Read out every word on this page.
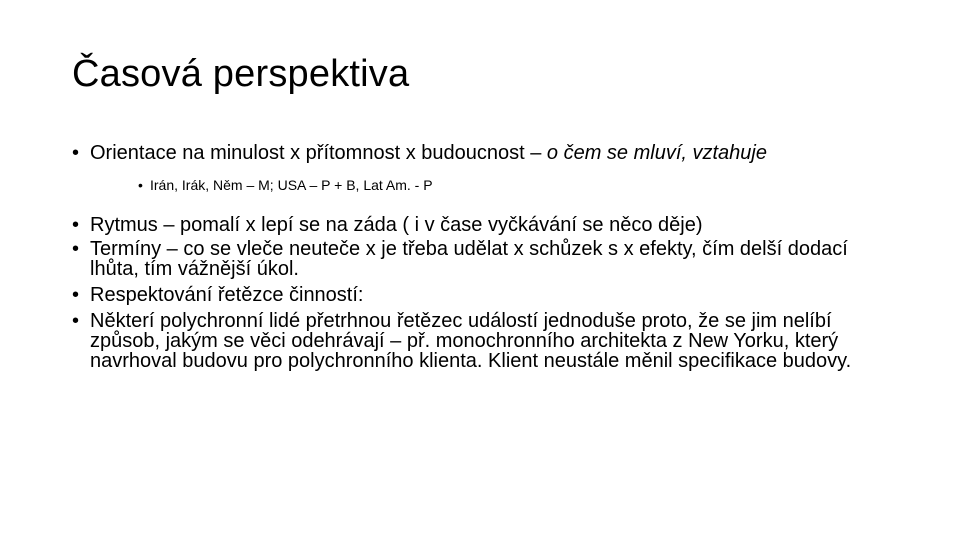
Časová perspektiva

• Orientace na minulost x přítomnost x budoucnost – o čem se mluví, vztahuje

• Irán, Irák, Něm – M; USA – P + B, Lat Am. - P

• Rytmus – pomalí x lepí se na záda ( i v čase vyčkávání se něco děje)

• Termíny – co se vleče neuteče x je třeba udělat x schůzek s x efekty, čím delší dodací lhůta, tím vážnější úkol.

• Respektování řetězce činností:

• Některí polychronní lidé přetrhnou řetězec událostí jednoduše proto, že se jim nelíbí způsob, jakým se věci odehrávají – př. monochronního architekta z New Yorku, který navrhoval budovu pro polychronního klienta. Klient neustále měnil specifikace budovy.
